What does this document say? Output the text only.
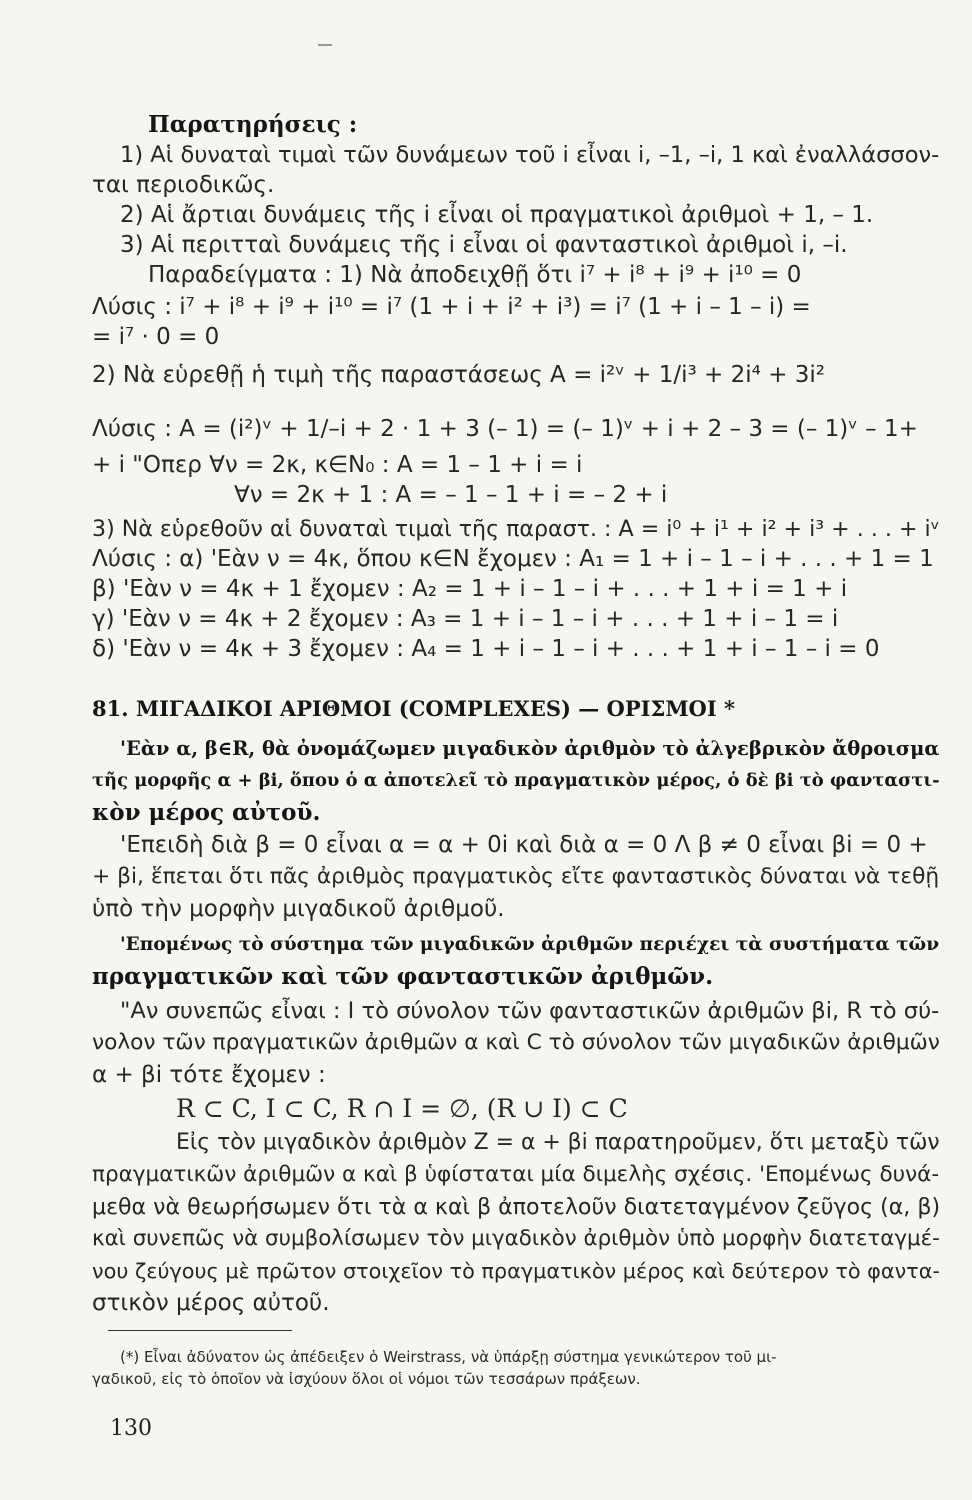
Παρατηρήσεις :
1) Αἱ δυναταὶ τιμαὶ τῶν δυνάμεων τοῦ i εἶναι i, –1, –i, 1 καὶ ἐναλλάσσον-
ται περιοδικῶς.
2) Αἱ ἄρτιαι δυνάμεις τῆς i εἶναι οἱ πραγματικοὶ ἀριθμοὶ + 1, – 1.
3) Αἱ περιτταὶ δυνάμεις τῆς i εἶναι οἱ φανταστικοὶ ἀριθμοὶ i, –i.
Παραδείγματα : 1) Νὰ ἀποδειχθῇ ὅτι i⁷ + i⁸ + i⁹ + i¹⁰ = 0
Λύσις : i⁷ + i⁸ + i⁹ + i¹⁰ = i⁷ (1 + i + i² + i³) = i⁷ (1 + i – 1 – i) =
= i⁷ · 0 = 0
2) Νὰ εὑρεθῇ ἡ τιμὴ τῆς παραστάσεως A = i²ᵛ + 1/i³ + 2i⁴ + 3i²
Λύσις : A = (i²)ᵛ + 1/–i + 2 · 1 + 3 (– 1) = (– 1)ᵛ + i + 2 – 3 = (– 1)ᵛ – 1+
+ i "Οπερ ∀ν = 2κ, κ∈N₀ : A = 1 – 1 + i = i
∀ν = 2κ + 1 : A = – 1 – 1 + i = – 2 + i
3) Νὰ εὑρεθοῦν αἱ δυναταὶ τιμαὶ τῆς παραστ. : A = i⁰ + i¹ + i² + i³ + . . . + iᵛ
Λύσις : α) 'Εὰν ν = 4κ, ὅπου κ∈N ἔχομεν : A₁ = 1 + i – 1 – i + . . . + 1 = 1
β) 'Εὰν ν = 4κ + 1 ἔχομεν : A₂ = 1 + i – 1 – i + . . . + 1 + i = 1 + i
γ) 'Εὰν ν = 4κ + 2 ἔχομεν : A₃ = 1 + i – 1 – i + . . . + 1 + i – 1 = i
δ) 'Εὰν ν = 4κ + 3 ἔχομεν : A₄ = 1 + i – 1 – i + . . . + 1 + i – 1 – i = 0
81. ΜΙΓΑΔΙΚΟΙ ΑΡΙΘΜΟΙ (COMPLEXES) — ΟΡΙΣΜΟΙ *
'Εὰν α, β∈R, θὰ ὀνομάζωμεν μιγαδικὸν ἀριθμὸν τὸ ἀλγεβρικὸν ἄθροισμα
τῆς μορφῆς α + βi, ὅπου ὁ α ἀποτελεῖ τὸ πραγματικὸν μέρος, ὁ δὲ βi τὸ φανταστι-
κὸν μέρος αὐτοῦ.
'Επειδὴ διὰ β = 0 εἶναι α = α + 0i καὶ διὰ α = 0 Λ β ≠ 0 εἶναι βi = 0 +
+ βi, ἕπεται ὅτι πᾶς ἀριθμὸς πραγματικὸς εἴτε φανταστικὸς δύναται νὰ τεθῇ
ὑπὸ τὴν μορφὴν μιγαδικοῦ ἀριθμοῦ.
'Επομένως τὸ σύστημα τῶν μιγαδικῶν ἀριθμῶν περιέχει τὰ συστήματα τῶν
πραγματικῶν καὶ τῶν φανταστικῶν ἀριθμῶν.
"Αν συνεπῶς εἶναι : I τὸ σύνολον τῶν φανταστικῶν ἀριθμῶν βi, R τὸ σύ-
νολον τῶν πραγματικῶν ἀριθμῶν α καὶ C τὸ σύνολον τῶν μιγαδικῶν ἀριθμῶν
α + βi τότε ἔχομεν :
R ⊂ C, I ⊂ C, R ∩ I = ∅, (R ∪ I) ⊂ C
Εἰς τὸν μιγαδικὸν ἀριθμὸν Z = α + βi παρατηροῦμεν, ὅτι μεταξὺ τῶν
πραγματικῶν ἀριθμῶν α καὶ β ὑφίσταται μία διμελὴς σχέσις. 'Επομένως δυνά-
μεθα νὰ θεωρήσωμεν ὅτι τὰ α καὶ β ἀποτελοῦν διατεταγμένον ζεῦγος (α, β)
καὶ συνεπῶς νὰ συμβολίσωμεν τὸν μιγαδικὸν ἀριθμὸν ὑπὸ μορφὴν διατεταγμέ-
νου ζεύγους μὲ πρῶτον στοιχεῖον τὸ πραγματικὸν μέρος καὶ δεύτερον τὸ φαντα-
στικὸν μέρος αὐτοῦ.
(*) Εἶναι ἀδύνατον ὡς ἀπέδειξεν ὁ Weirstrass, νὰ ὑπάρξῃ σύστημα γενικώτερον τοῦ μι-
γαδικοῦ, εἰς τὸ ὁποῖον νὰ ἰσχύουν ὅλοι οἱ νόμοι τῶν τεσσάρων πράξεων.
130
